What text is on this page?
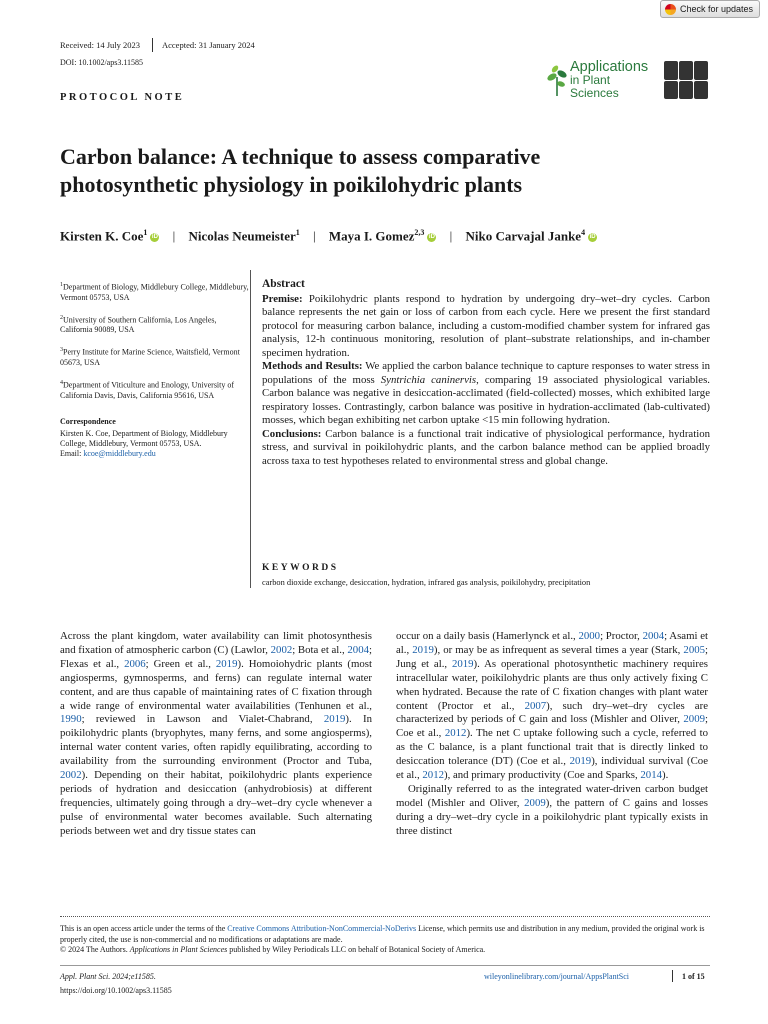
Check for updates
Received: 14 July 2023	Accepted: 31 January 2024
DOI: 10.1002/aps3.11585
PROTOCOL NOTE
Applications
in Plant Sciences
Carbon balance: A technique to assess comparative
photosynthetic physiology in poikilohydric plants
Kirsten K. Coe$^1$ iD | Nicolas Neumeister$^1$ | Maya I. Gomez$^{2,3}$ iD | Niko Carvajal Janke$^4$ iD
$^1$Department of Biology, Middlebury College, Middlebury, Vermont 05753, USA
$^2$University of Southern California, Los Angeles, California 90089, USA
$^3$Perry Institute for Marine Science, Waitsfield, Vermont 05673, USA
$^4$Department of Viticulture and Enology, University of California Davis, Davis, California 95616, USA
Correspondence
Kirsten K. Coe, Department of Biology, Middlebury College, Middlebury, Vermont 05753, USA.
Email: kcoe@middlebury.edu
Abstract
Premise: Poikilohydric plants respond to hydration by undergoing dry–wet–dry cycles. Carbon balance represents the net gain or loss of carbon from each cycle. Here we present the first standard protocol for measuring carbon balance, including a custom-modified chamber system for infrared gas analysis, 12-h continuous monitoring, resolution of plant–substrate relationships, and in-chamber specimen hydration.
Methods and Results: We applied the carbon balance technique to capture responses to water stress in populations of the moss Syntrichia caninervis, comparing 19 associated physiological variables. Carbon balance was negative in desiccation-acclimated (field-collected) mosses, which exhibited large respiratory losses. Contrastingly, carbon balance was positive in hydration-acclimated (lab-cultivated) mosses, which began exhibiting net carbon uptake <15 min following hydration.
Conclusions: Carbon balance is a functional trait indicative of physiological performance, hydration stress, and survival in poikilohydric plants, and the carbon balance method can be applied broadly across taxa to test hypotheses related to environmental stress and global change.
KEYWORDS
carbon dioxide exchange, desiccation, hydration, infrared gas analysis, poikilohydry, precipitation

Across the plant kingdom, water availability can limit photosynthesis and fixation of atmospheric carbon (C) (Lawlor, 2002; Bota et al., 2004; Flexas et al., 2006; Green et al., 2019). Homoiohydric plants (most angiosperms, gymnosperms, and ferns) can regulate internal water content, and are thus capable of maintaining rates of C fixation through a wide range of environmental water availabilities (Tenhunen et al., 1990; reviewed in Lawson and Vialet-Chabrand, 2019). In poikilohydric plants (bryophytes, many ferns, and some angiosperms), internal water content varies, often rapidly equilibrating, according to availability from the surrounding environment (Proctor and Tuba, 2002). Depending on their habitat, poikilohydric plants experience periods of hydration and desiccation (anhydrobiosis) at different frequencies, ultimately going through a dry–wet–dry cycle whenever a pulse of environmental water becomes available. Such alternating periods between wet and dry tissue states can

occur on a daily basis (Hamerlynck et al., 2000; Proctor, 2004; Asami et al., 2019), or may be as infrequent as several times a year (Stark, 2005; Jung et al., 2019). As operational photosynthetic machinery requires intracellular water, poikilohydric plants are thus only actively fixing C when hydrated. Because the rate of C fixation changes with plant water content (Proctor et al., 2007), such dry–wet–dry cycles are characterized by periods of C gain and loss (Mishler and Oliver, 2009; Coe et al., 2012). The net C uptake following such a cycle, referred to as the C balance, is a plant functional trait that is directly linked to desiccation tolerance (DT) (Coe et al., 2019), individual survival (Coe et al., 2012), and primary productivity (Coe and Sparks, 2014).

Originally referred to as the integrated water-driven carbon budget model (Mishler and Oliver, 2009), the pattern of C gains and losses during a dry–wet–dry cycle in a poikilohydric plant typically exists in three distinct

This is an open access article under the terms of the Creative Commons Attribution-NonCommercial-NoDerivs License, which permits use and distribution in any medium, provided the original work is properly cited, the use is non-commercial and no modifications or adaptations are made.
© 2024 The Authors. Applications in Plant Sciences published by Wiley Periodicals LLC on behalf of Botanical Society of America.
Appl. Plant Sci. 2024;e11585.
https://doi.org/10.1002/aps3.11585
wileyonlinelibrary.com/journal/AppsPlantSci	1 of 15
